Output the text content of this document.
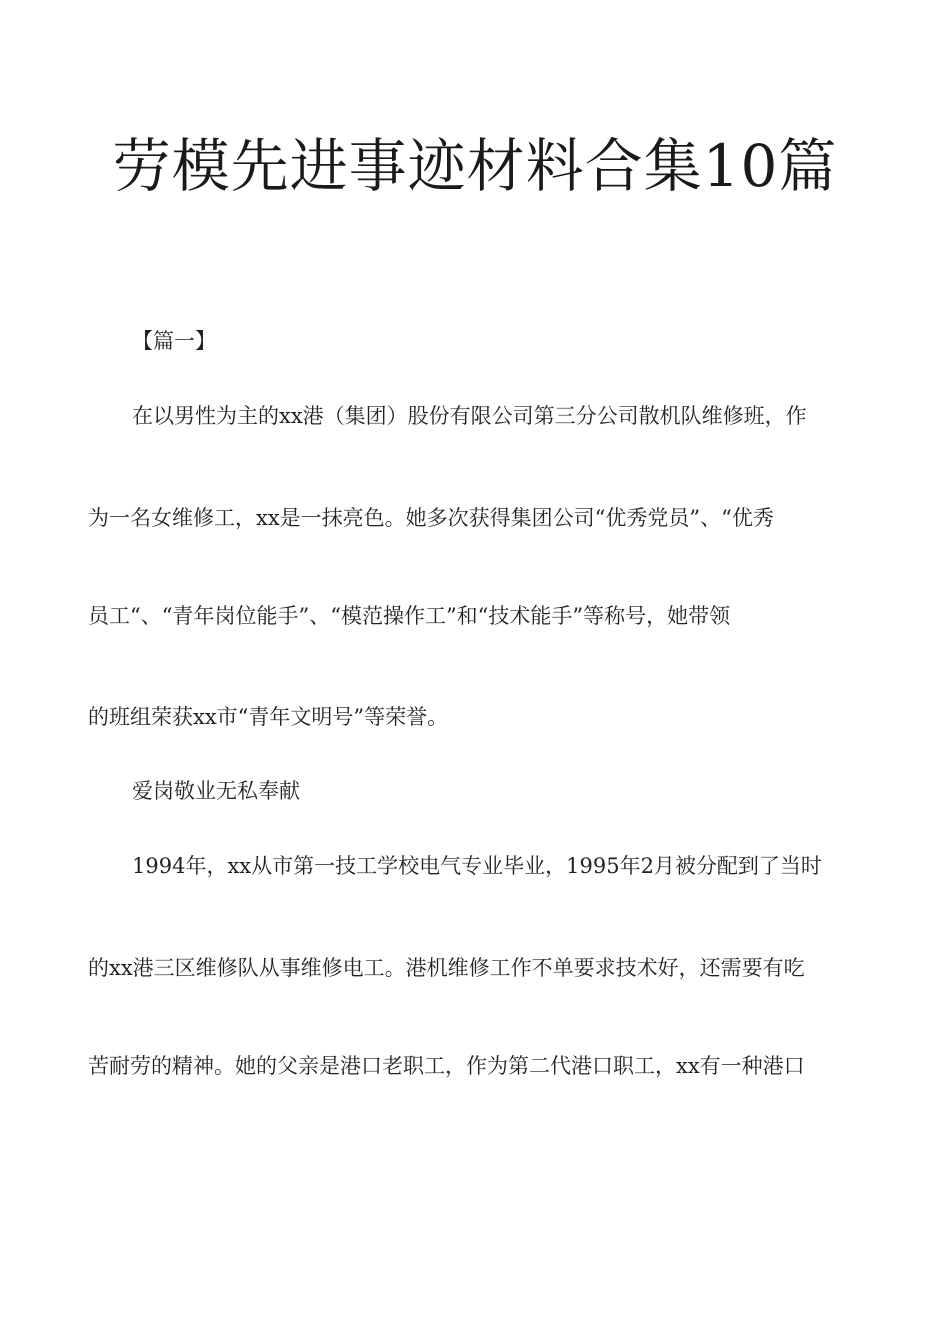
劳模先进事迹材料合集10篇
【篇一】
在以男性为主的xx港（集团）股份有限公司第三分公司散机队维修班，作
为一名女维修工，xx是一抹亮色。她多次获得集团公司“优秀党员”、“优秀
员工“、“青年岗位能手”、“模范操作工”和“技术能手”等称号，她带领
的班组荣获xx市“青年文明号”等荣誉。
爱岗敬业无私奉献
1994年，xx从市第一技工学校电气专业毕业，1995年2月被分配到了当时
的xx港三区维修队从事维修电工。港机维修工作不单要求技术好，还需要有吃
苦耐劳的精神。她的父亲是港口老职工，作为第二代港口职工，xx有一种港口
